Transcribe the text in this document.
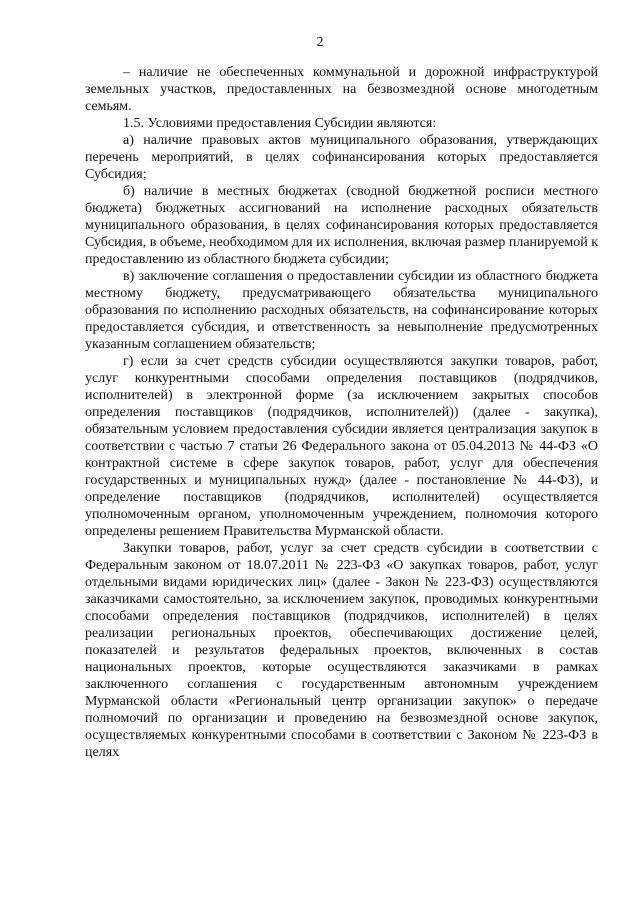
2

– наличие не обеспеченных коммунальной и дорожной инфраструктурой земельных участков, предоставленных на безвозмездной основе многодетным семьям.

1.5. Условиями предоставления Субсидии являются:

а) наличие правовых актов муниципального образования, утверждающих перечень мероприятий, в целях софинансирования которых предоставляется Субсидия;

б) наличие в местных бюджетах (сводной бюджетной росписи местного бюджета) бюджетных ассигнований на исполнение расходных обязательств муниципального образования, в целях софинансирования которых предоставляется Субсидия, в объеме, необходимом для их исполнения, включая размер планируемой к предоставлению из областного бюджета субсидии;

в) заключение соглашения о предоставлении субсидии из областного бюджета местному бюджету, предусматривающего обязательства муниципального образования по исполнению расходных обязательств, на софинансирование которых предоставляется субсидия, и ответственность за невыполнение предусмотренных указанным соглашением обязательств;

г) если за счет средств субсидии осуществляются закупки товаров, работ, услуг конкурентными способами определения поставщиков (подрядчиков, исполнителей) в электронной форме (за исключением закрытых способов определения поставщиков (подрядчиков, исполнителей)) (далее - закупка), обязательным условием предоставления субсидии является централизация закупок в соответствии с частью 7 статьи 26 Федерального закона от 05.04.2013 № 44-ФЗ «О контрактной системе в сфере закупок товаров, работ, услуг для обеспечения государственных и муниципальных нужд» (далее - постановление № 44-ФЗ), и определение поставщиков (подрядчиков, исполнителей) осуществляется уполномоченным органом, уполномоченным учреждением, полномочия которого определены решением Правительства Мурманской области.

Закупки товаров, работ, услуг за счет средств субсидии в соответствии с Федеральным законом от 18.07.2011 № 223-ФЗ «О закупках товаров, работ, услуг отдельными видами юридических лиц» (далее - Закон № 223-ФЗ) осуществляются заказчиками самостоятельно, за исключением закупок, проводимых конкурентными способами определения поставщиков (подрядчиков, исполнителей) в целях реализации региональных проектов, обеспечивающих достижение целей, показателей и результатов федеральных проектов, включенных в состав национальных проектов, которые осуществляются заказчиками в рамках заключенного соглашения с государственным автономным учреждением Мурманской области «Региональный центр организации закупок» о передаче полномочий по организации и проведению на безвозмездной основе закупок, осуществляемых конкурентными способами в соответствии с Законом № 223-ФЗ в целях
